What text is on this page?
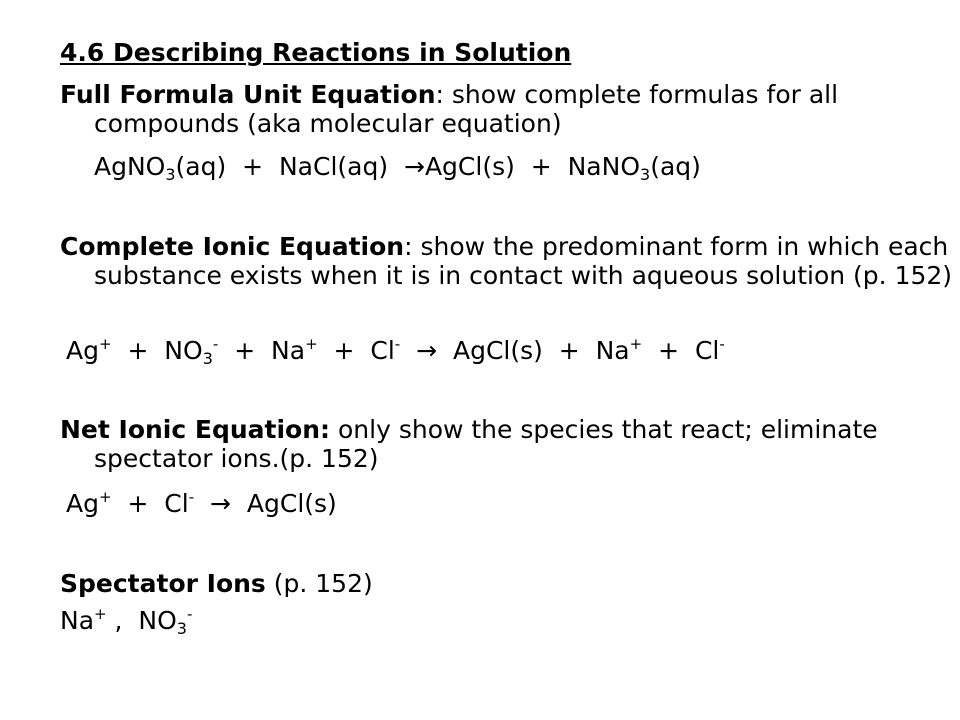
4.6 Describing Reactions in Solution
Full Formula Unit Equation: show complete formulas for all compounds (aka molecular equation)
AgNO$_3$(aq)  +  NaCl(aq)  →AgCl(s)  +  NaNO$_3$(aq)
Complete Ionic Equation: show the predominant form in which each substance exists when it is in contact with aqueous solution (p. 152)
$Ag^+ + NO_3^- + Na^+ + Cl^-$ → AgCl(s)  +  Na+  +  Cl-
Net Ionic Equation: only show the species that react; eliminate spectator ions.(p. 152)
Ag+  +  Cl- → AgCl(s)
Spectator Ions (p. 152)
Na+ ,  $NO_3^-$
